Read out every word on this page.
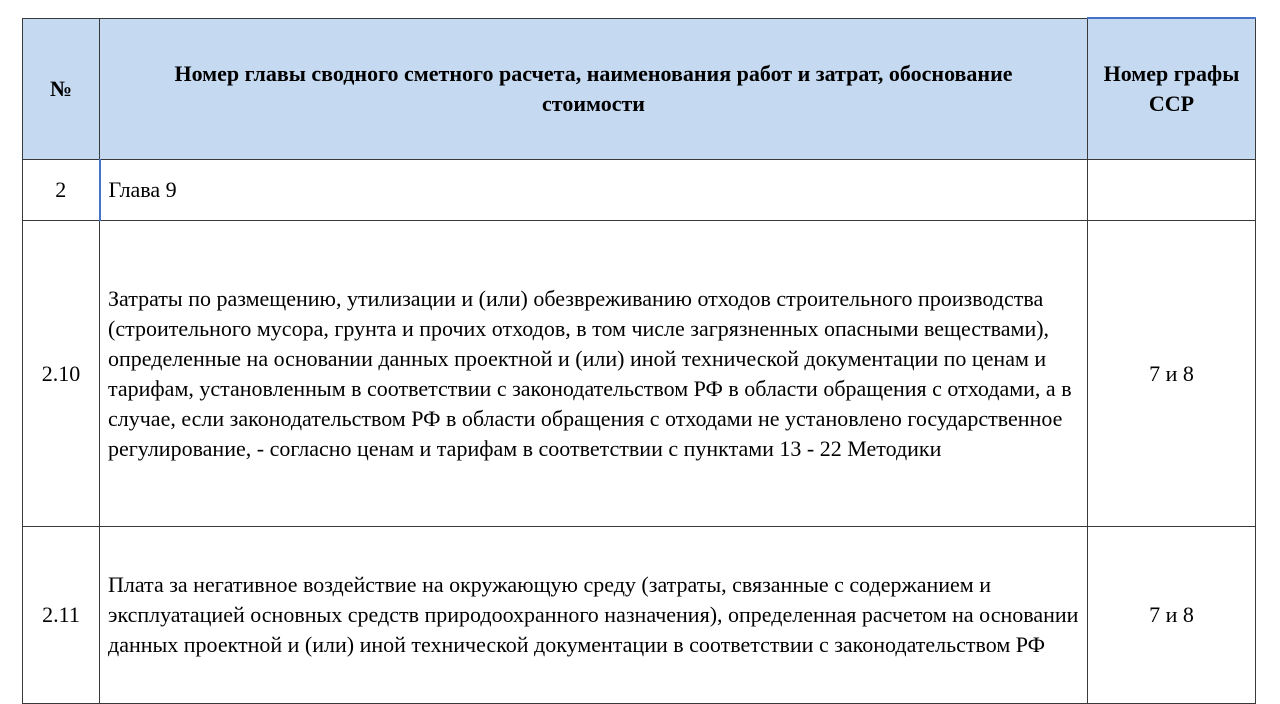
№	Номер главы сводного сметного расчета, наименования работ и затрат, обоснование стоимости	Номер графы ССР
2	Глава 9	
2.10	Затраты по размещению, утилизации и (или) обезвреживанию отходов строительного производства (строительного мусора, грунта и прочих отходов, в том числе загрязненных опасными веществами), определенные на основании данных проектной и (или) иной технической документации по ценам и тарифам, установленным в соответствии с законодательством РФ в области обращения с отходами, а в случае, если законодательством РФ в области обращения с отходами не установлено государственное регулирование, - согласно ценам и тарифам в соответствии с пунктами 13 - 22 Методики	7 и 8
2.11	Плата за негативное воздействие на окружающую среду (затраты, связанные с содержанием и эксплуатацией основных средств природоохранного назначения), определенная расчетом на основании данных проектной и (или) иной технической документации в соответствии с законодательством РФ	7 и 8
